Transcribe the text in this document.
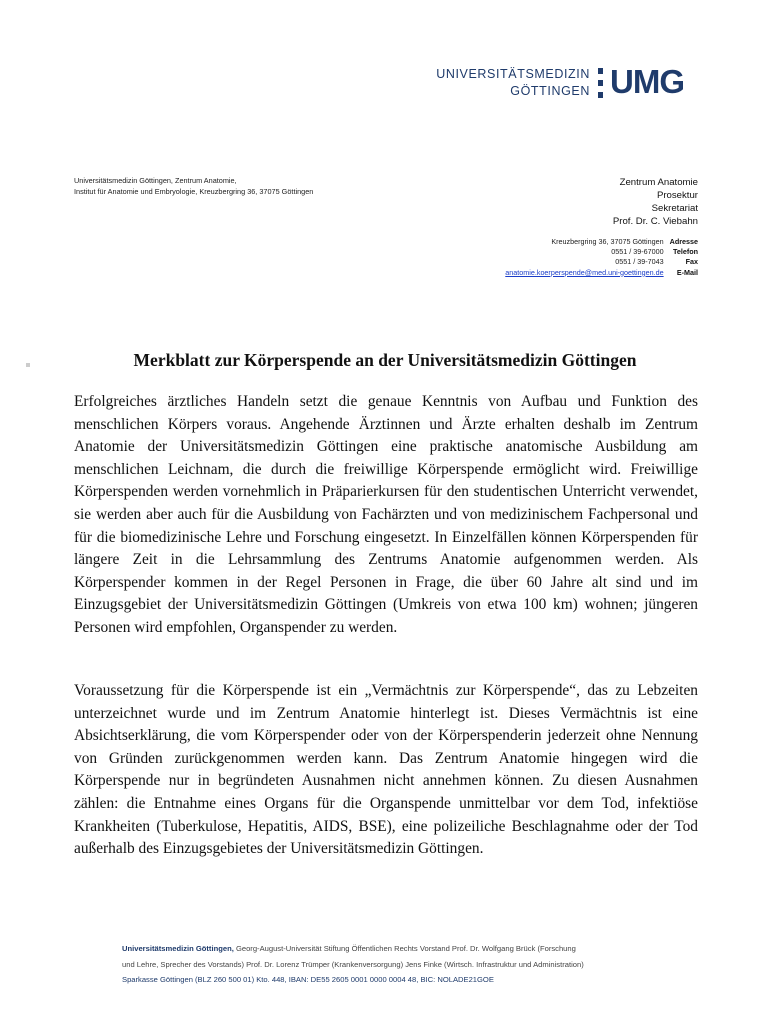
UNIVERSITÄTSMEDIZIN
GÖTTINGEN UMG
Universitätsmedizin Göttingen, Zentrum Anatomie,
Institut für Anatomie und Embryologie, Kreuzbergring 36, 37075 Göttingen
Zentrum Anatomie
Prosektur
Sekretariat
Prof. Dr. C. Viebahn
Kreuzbergring 36, 37075 Göttingen	Adresse
0551 / 39-67000	Telefon
0551 / 39-7043	Fax
anatomie.koerperspende@med.uni-goettingen.de	E-Mail
Merkblatt zur Körperspende an der Universitätsmedizin Göttingen

Erfolgreiches ärztliches Handeln setzt die genaue Kenntnis von Aufbau und Funktion des menschlichen Körpers voraus. Angehende Ärztinnen und Ärzte erhalten deshalb im Zentrum Anatomie der Universitätsmedizin Göttingen eine praktische anatomische Ausbildung am menschlichen Leichnam, die durch die freiwillige Körperspende ermöglicht wird. Freiwillige Körperspenden werden vornehmlich in Präparierkursen für den studentischen Unterricht verwendet, sie werden aber auch für die Ausbildung von Fachärzten und von medizinischem Fachpersonal und für die biomedizinische Lehre und Forschung eingesetzt. In Einzelfällen können Körperspenden für längere Zeit in die Lehrsammlung des Zentrums Anatomie aufgenommen werden. Als Körperspender kommen in der Regel Personen in Frage, die über 60 Jahre alt sind und im Einzugsgebiet der Universitätsmedizin Göttingen (Umkreis von etwa 100 km) wohnen; jüngeren Personen wird empfohlen, Organspender zu werden.

Voraussetzung für die Körperspende ist ein „Vermächtnis zur Körperspende“, das zu Lebzeiten unterzeichnet wurde und im Zentrum Anatomie hinterlegt ist. Dieses Vermächtnis ist eine Absichtserklärung, die vom Körperspender oder von der Körperspenderin jederzeit ohne Nennung von Gründen zurückgenommen werden kann. Das Zentrum Anatomie hingegen wird die Körperspende nur in begründeten Ausnahmen nicht annehmen können. Zu diesen Ausnahmen zählen: die Entnahme eines Organs für die Organspende unmittelbar vor dem Tod, infektiöse Krankheiten (Tuberkulose, Hepatitis, AIDS, BSE), eine polizeiliche Beschlagnahme oder der Tod außerhalb des Einzugsgebietes der Universitätsmedizin Göttingen.

Universitätsmedizin Göttingen, Georg-August-Universität Stiftung Öffentlichen Rechts Vorstand Prof. Dr. Wolfgang Brück (Forschung
und Lehre, Sprecher des Vorstands) Prof. Dr. Lorenz Trümper (Krankenversorgung) Jens Finke (Wirtsch. Infrastruktur und Administration)
Sparkasse Göttingen (BLZ 260 500 01) Kto. 448, IBAN: DE55 2605 0001 0000 0004 48, BIC: NOLADE21GOE
